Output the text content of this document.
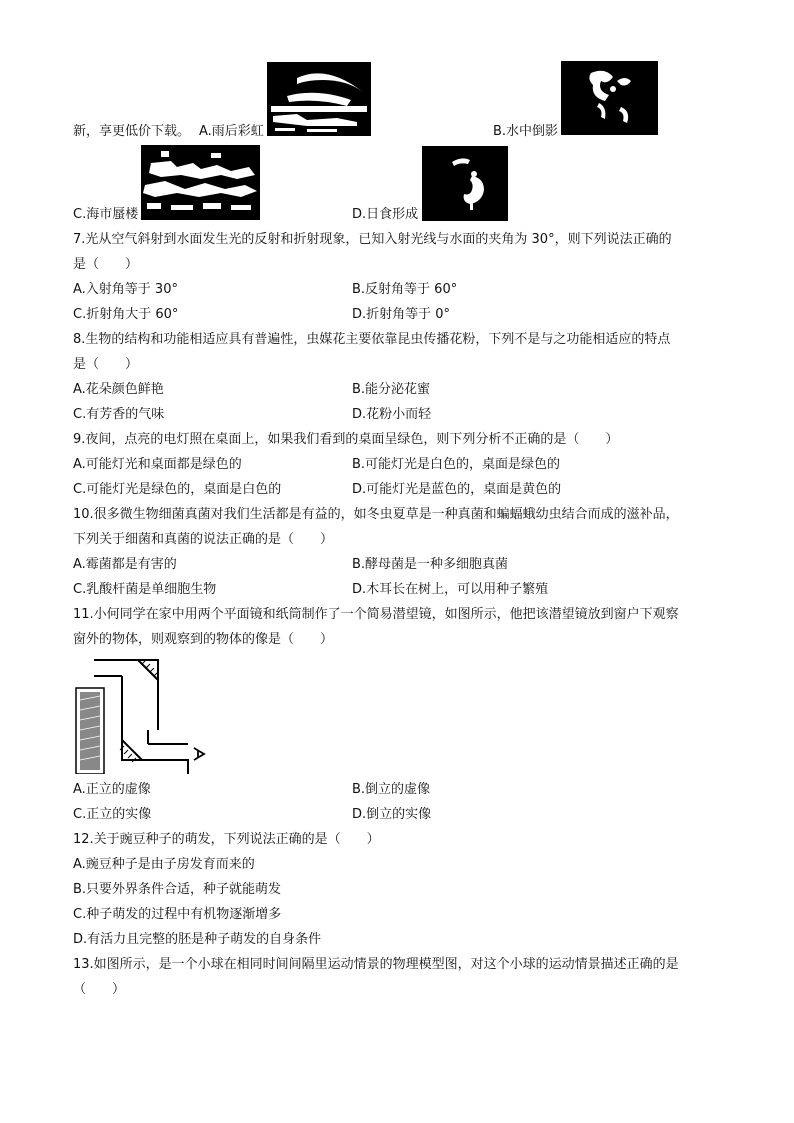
新，享更低价下载。 A.雨后彩虹	B.水中倒影
C.海市蜃楼	D.日食形成
7.光从空气斜射到水面发生光的反射和折射现象，已知入射光线与水面的夹角为 30°，则下列说法正确的
是（　　）
A.入射角等于 30°	B.反射角等于 60°
C.折射角大于 60°	D.折射角等于 0°
8.生物的结构和功能相适应具有普遍性，虫媒花主要依靠昆虫传播花粉，下列不是与之功能相适应的特点
是（　　）
A.花朵颜色鲜艳	B.能分泌花蜜
C.有芳香的气味	D.花粉小而轻
9.夜间，点亮的电灯照在桌面上，如果我们看到的桌面呈绿色，则下列分析不正确的是（　　）
A.可能灯光和桌面都是绿色的	B.可能灯光是白色的，桌面是绿色的
C.可能灯光是绿色的，桌面是白色的	D.可能灯光是蓝色的，桌面是黄色的
10.很多微生物细菌真菌对我们生活都是有益的，如冬虫夏草是一种真菌和蝙蝠蛾幼虫结合而成的滋补品，
下列关于细菌和真菌的说法正确的是（　　）
A.霉菌都是有害的	B.酵母菌是一种多细胞真菌
C.乳酸杆菌是单细胞生物	D.木耳长在树上，可以用种子繁殖
11.小何同学在家中用两个平面镜和纸筒制作了一个简易潜望镜，如图所示，他把该潜望镜放到窗户下观察
窗外的物体，则观察到的物体的像是（　　）
A.正立的虚像	B.倒立的虚像
C.正立的实像	D.倒立的实像
12.关于豌豆种子的萌发，下列说法正确的是（　　）
A.豌豆种子是由子房发育而来的
B.只要外界条件合适，种子就能萌发
C.种子萌发的过程中有机物逐渐增多
D.有活力且完整的胚是种子萌发的自身条件
13.如图所示，是一个小球在相同时间间隔里运动情景的物理模型图，对这个小球的运动情景描述正确的是
（　　）
